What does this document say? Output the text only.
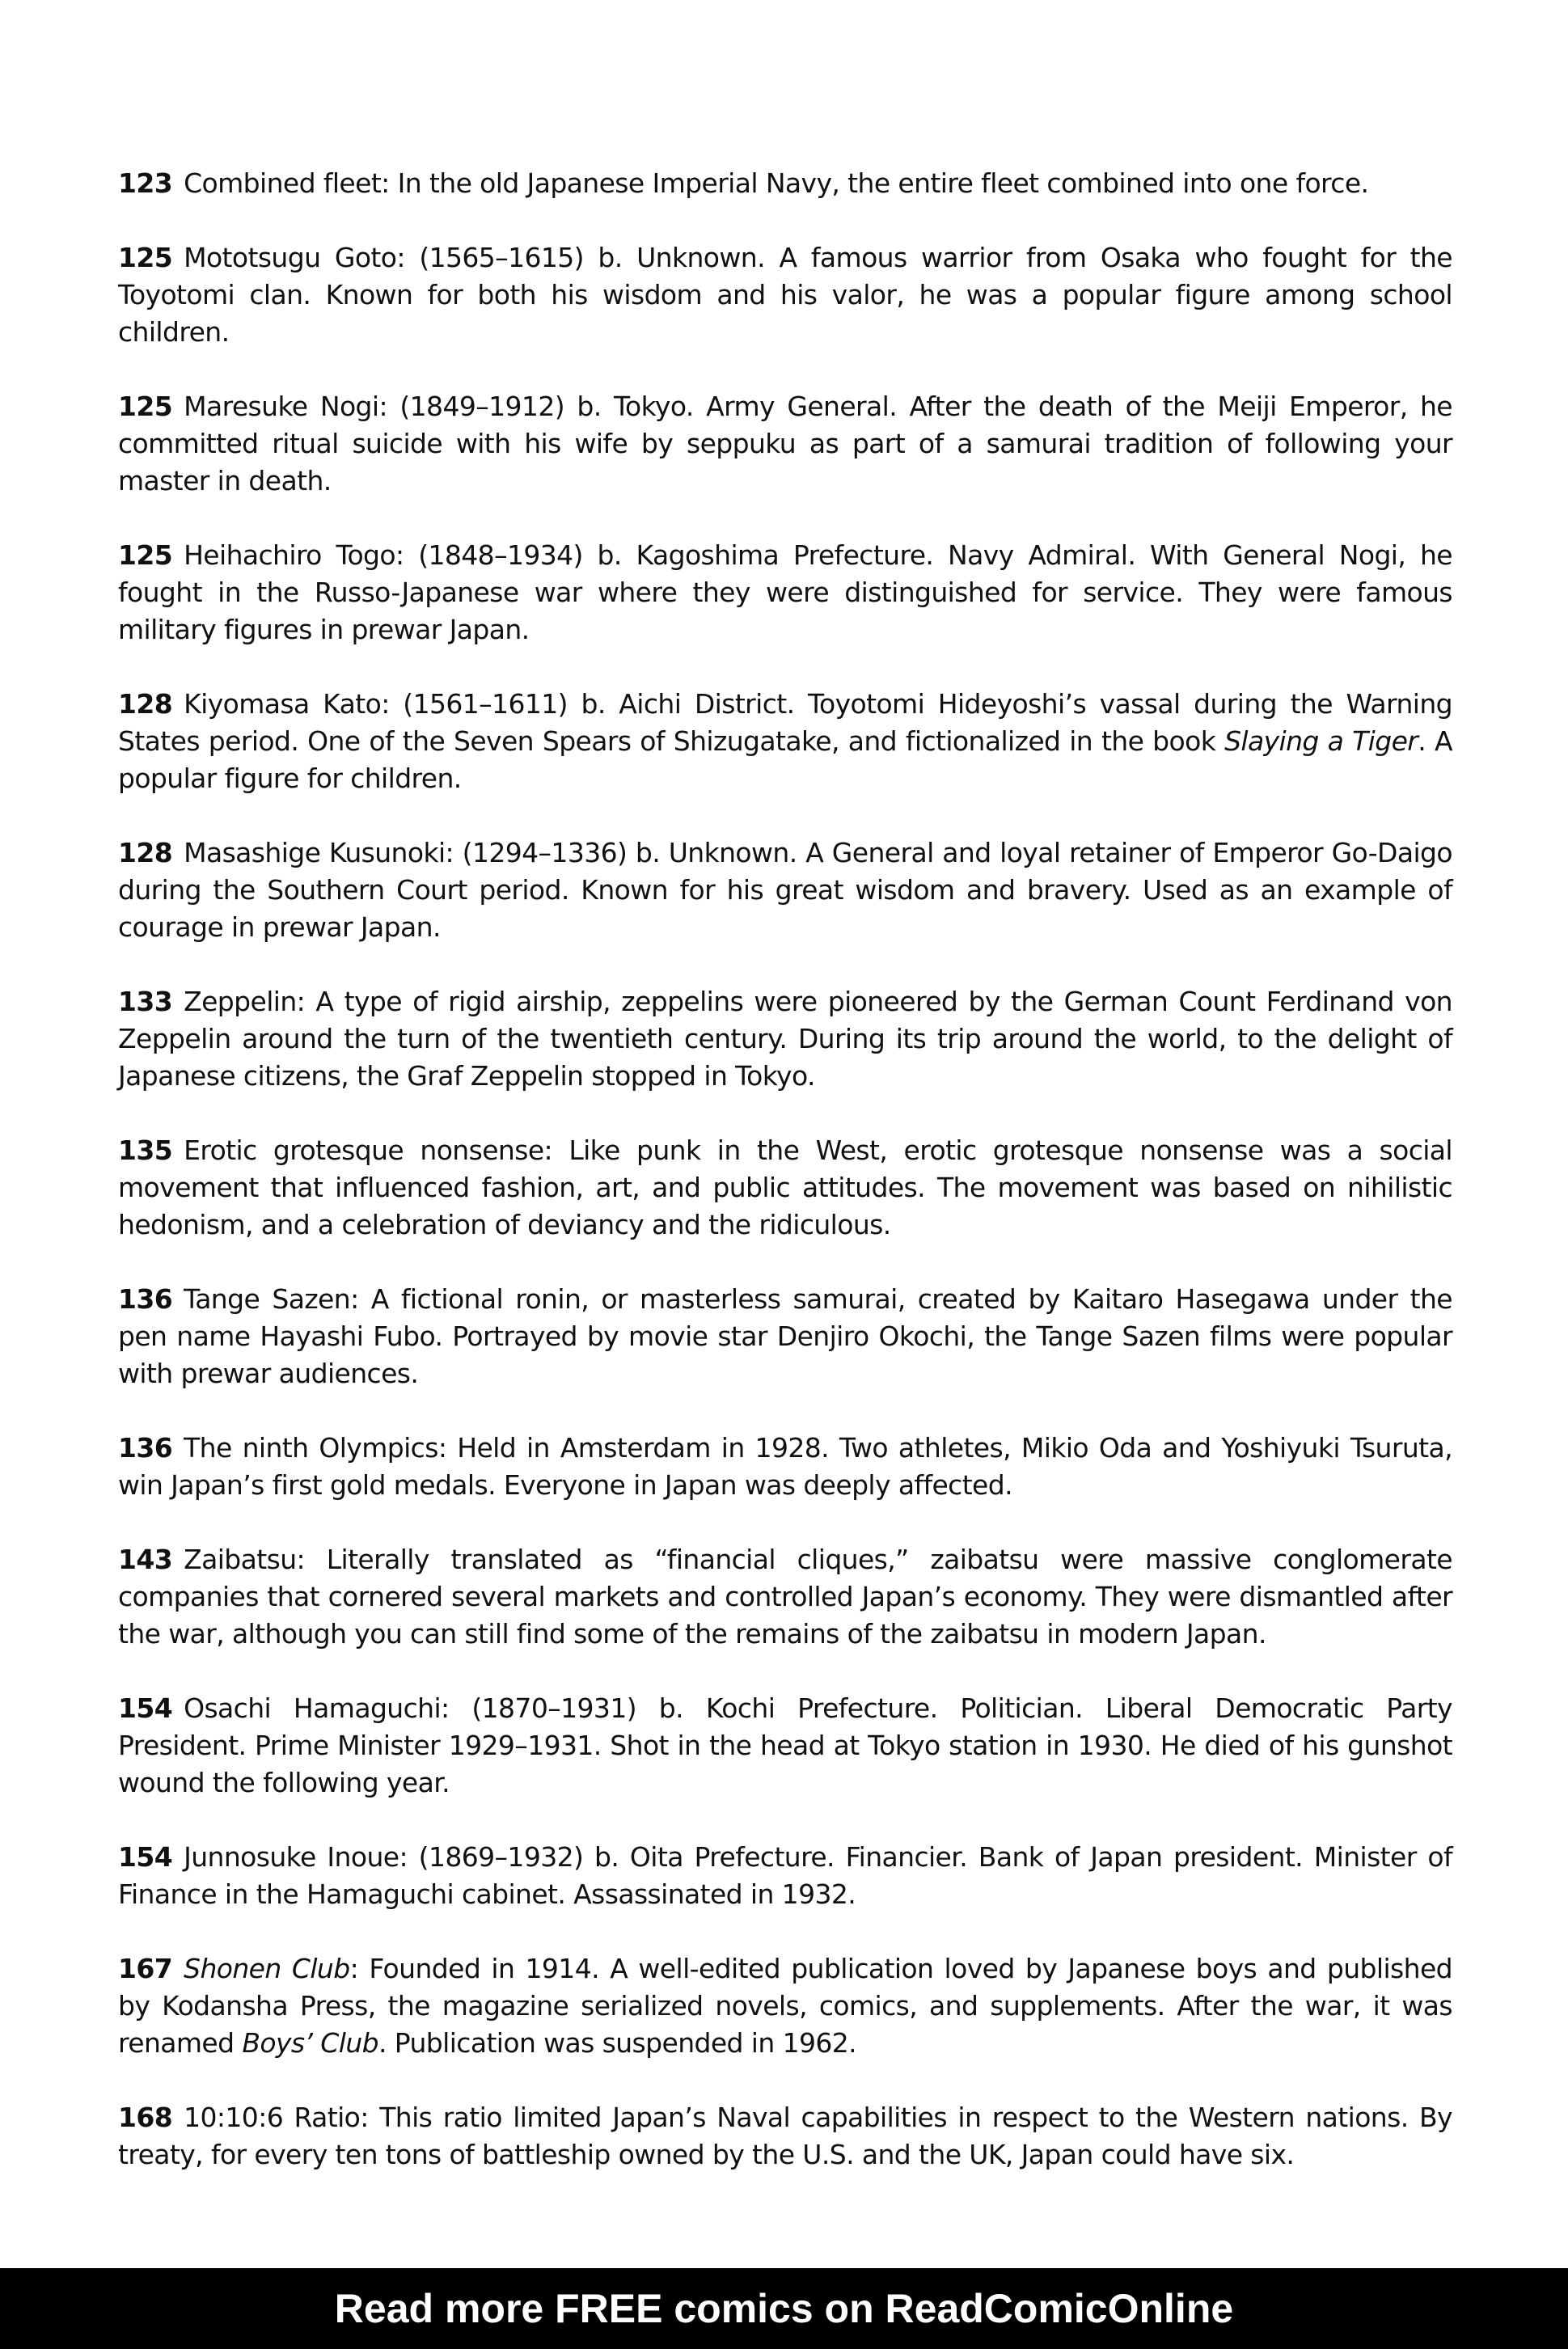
123 Combined fleet: In the old Japanese Imperial Navy, the entire fleet combined into one force.

125 Mototsugu Goto: (1565–1615) b. Unknown. A famous warrior from Osaka who fought for the Toyotomi clan. Known for both his wisdom and his valor, he was a popular figure among school children.

125 Maresuke Nogi: (1849–1912) b. Tokyo. Army General. After the death of the Meiji Emperor, he committed ritual suicide with his wife by seppuku as part of a samurai tradition of following your master in death.

125 Heihachiro Togo: (1848–1934) b. Kagoshima Prefecture. Navy Admiral. With General Nogi, he fought in the Russo-Japanese war where they were distinguished for service. They were famous military figures in prewar Japan.

128 Kiyomasa Kato: (1561–1611) b. Aichi District. Toyotomi Hideyoshi’s vassal during the Warning States period. One of the Seven Spears of Shizugatake, and fictionalized in the book Slaying a Tiger. A popular figure for children.

128 Masashige Kusunoki: (1294–1336) b. Unknown. A General and loyal retainer of Emperor Go-Daigo during the Southern Court period. Known for his great wisdom and bravery. Used as an example of courage in prewar Japan.

133 Zeppelin: A type of rigid airship, zeppelins were pioneered by the German Count Ferdinand von Zeppelin around the turn of the twentieth century. During its trip around the world, to the delight of Japanese citizens, the Graf Zeppelin stopped in Tokyo.

135 Erotic grotesque nonsense: Like punk in the West, erotic grotesque nonsense was a social movement that influenced fashion, art, and public attitudes. The movement was based on nihilistic hedonism, and a celebration of deviancy and the ridiculous.

136 Tange Sazen: A fictional ronin, or masterless samurai, created by Kaitaro Hasegawa under the pen name Hayashi Fubo. Portrayed by movie star Denjiro Okochi, the Tange Sazen films were popular with prewar audiences.

136 The ninth Olympics: Held in Amsterdam in 1928. Two athletes, Mikio Oda and Yoshiyuki Tsuruta, win Japan’s first gold medals. Everyone in Japan was deeply affected.

143 Zaibatsu: Literally translated as “financial cliques,” zaibatsu were massive conglomerate companies that cornered several markets and controlled Japan’s economy. They were dismantled after the war, although you can still find some of the remains of the zaibatsu in modern Japan.

154 Osachi Hamaguchi: (1870–1931) b. Kochi Prefecture. Politician. Liberal Democratic Party President. Prime Minister 1929–1931. Shot in the head at Tokyo station in 1930. He died of his gunshot wound the following year.

154 Junnosuke Inoue: (1869–1932) b. Oita Prefecture. Financier. Bank of Japan president. Minister of Finance in the Hamaguchi cabinet. Assassinated in 1932.

167 Shonen Club: Founded in 1914. A well-edited publication loved by Japanese boys and published by Kodansha Press, the magazine serialized novels, comics, and supplements. After the war, it was renamed Boys’ Club. Publication was suspended in 1962.

168 10:10:6 Ratio: This ratio limited Japan’s Naval capabilities in respect to the Western nations. By treaty, for every ten tons of battleship owned by the U.S. and the UK, Japan could have six.

Read more FREE comics on ReadComicOnline
